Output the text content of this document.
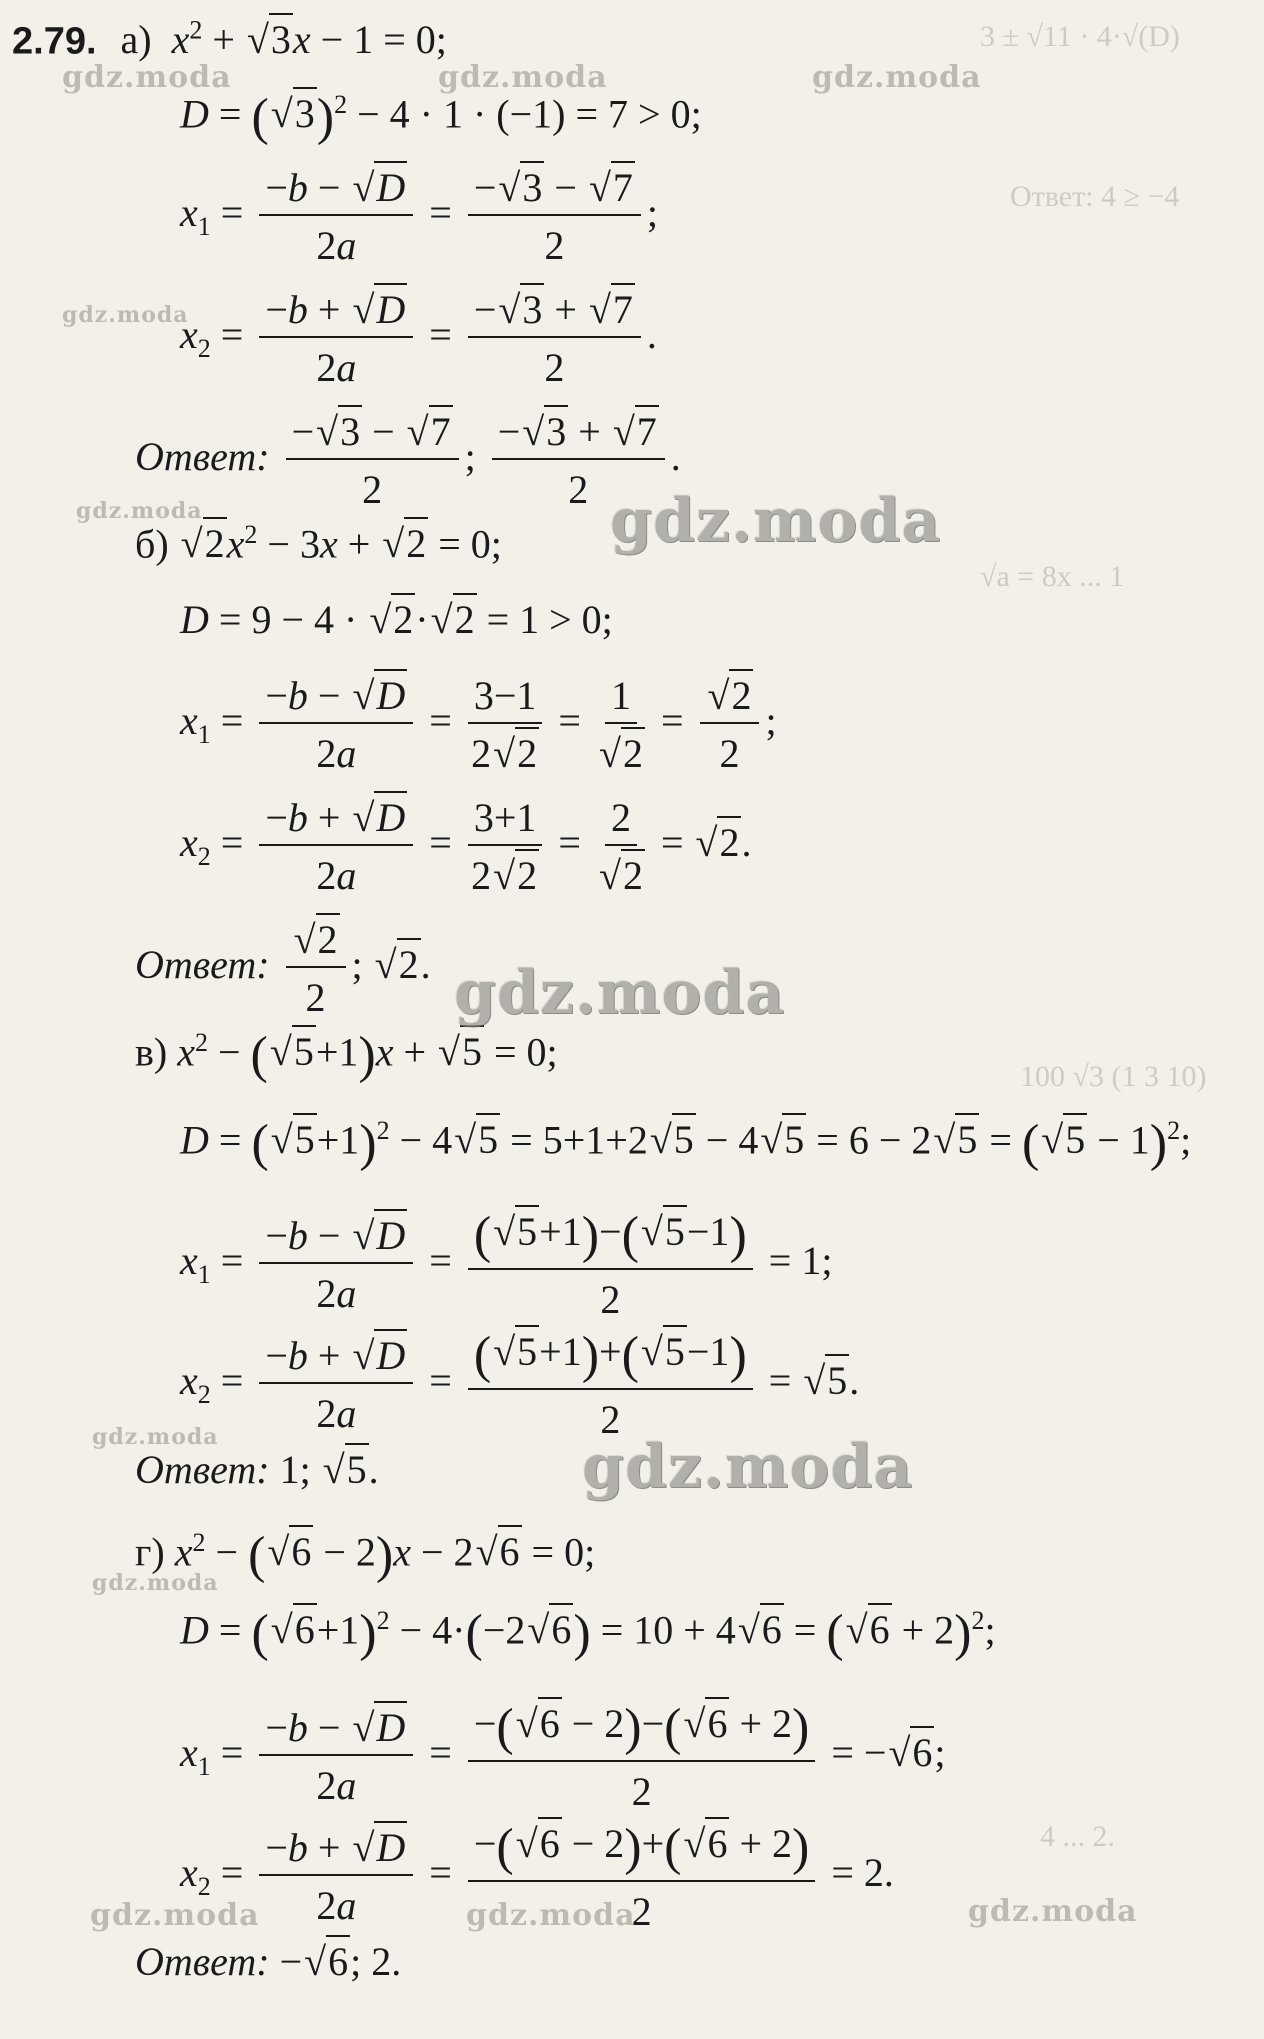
3 ± √11 · 4·√(D)
Ответ: 4 ≥ −4
√a = 8x ... 1
100 √3 (1 3 10)
4 ... 2.
2.79. а) $x^2 + √3x - 1 = 0$;
$D = (√3)^2 - 4 \cdot 1 \cdot (-1) = 7 > 0$;
$x_1 = \frac{-b - √D}{2a} = \frac{-√3 - √7}{2}$ ;
$x_2 = \frac{-b + √D}{2a} = \frac{-√3 + √7}{2}$ .
Ответ: $\frac{-√3 - √7}{2}$ ; $\frac{-√3 + √7}{2}$ .
б) $√2x^2 - 3x + √2 = 0$;
D = 9 − 4 · √2·√2 = 1 > 0;
$x_1 = \frac{-b - √D}{2a} = \frac{3-1}{2√2} = \frac{1}{√2} = \frac{√2}{2}$ ;
$x_2 = \frac{-b + √D}{2a} = \frac{3+1}{2√2} = \frac{2}{√2} = √2$.
Ответ: $\frac{√2}{2}$ ; √2.
в) $x^2 - (√5+1)x + √5 = 0$;
$D = (√5+1)^2 - 4√5 = 5+1+2√5 - 4√5 = 6 - 2√5 = (√5 - 1)^2$;
$x_1 = \frac{-b - √D}{2a} = \frac{(√5+1)-(√5-1)}{2} = 1$;
$x_2 = \frac{-b + √D}{2a} = \frac{(√5+1)+(√5-1)}{2} = √5$.
Ответ: 1; √5.
г) $x^2 - (√6 - 2)x - 2√6 = 0$;
$D = (√6+1)^2 - 4\cdot(-2√6) = 10 + 4√6 = (√6 + 2)^2$;
$x_1 = \frac{-b - √D}{2a} = \frac{-(√6 - 2)-(√6 + 2)}{2} = -√6$;
$x_2 = \frac{-b + √D}{2a} = \frac{-(√6 - 2)+(√6 + 2)}{2} = 2$.
Ответ: −√6; 2.
gdz.moda	gdz.moda	gdz.moda
gdz.moda
gdz.moda	gdz.moda
gdz.moda
gdz.moda	gdz.moda
gdz.moda
gdz.moda	gdz.moda	gdz.moda
